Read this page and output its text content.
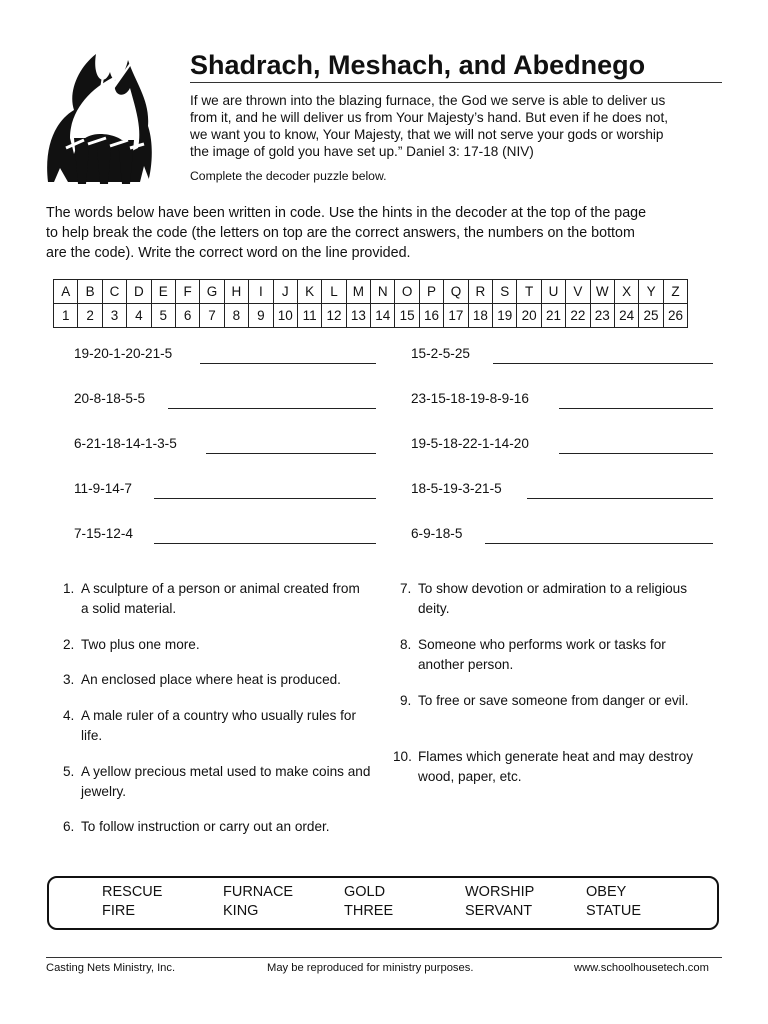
Shadrach, Meshach, and Abednego
If we are thrown into the blazing furnace, the God we serve is able to deliver us
from it, and he will deliver us from Your Majesty’s hand. But even if he does not,
we want you to know, Your Majesty, that we will not serve your gods or worship
the image of gold you have set up.” Daniel 3: 17-18 (NIV)

Complete the decoder puzzle below.

The words below have been written in code. Use the hints in the decoder at the top of the page
to help break the code (the letters on top are the correct answers, the numbers on the bottom
are the code). Write the correct word on the line provided.
A	B	C	D	E	F	G	H	I	J	K	L	M	N	O	P	Q	R	S	T	U	V	W	X	Y	Z
1	2	3	4	5	6	7	8	9	10	11	12	13	14	15	16	17	18	19	20	21	22	23	24	25	26
19-20-1-20-21-5
20-8-18-5-5
6-21-18-14-1-3-5
11-9-14-7
7-15-12-4
15-2-5-25
23-15-18-19-8-9-16
19-5-18-22-1-14-20
18-5-19-3-21-5
6-9-18-5
1. A sculpture of a person or animal created from a solid material.
2. Two plus one more.
3. An enclosed place where heat is produced.
4. A male ruler of a country who usually rules for life.
5. A yellow precious metal used to make coins and jewelry.
6. To follow instruction or carry out an order.
7. To show devotion or admiration to a religious deity.
8. Someone who performs work or tasks for another person.
9. To free or save someone from danger or evil.
10. Flames which generate heat and may destroy wood, paper, etc.
RESCUE	FURNACE	GOLD	WORSHIP	OBEY
FIRE	KING	THREE	SERVANT	STATUE
Casting Nets Ministry, Inc.	May be reproduced for ministry purposes.	www.schoolhousetech.com
